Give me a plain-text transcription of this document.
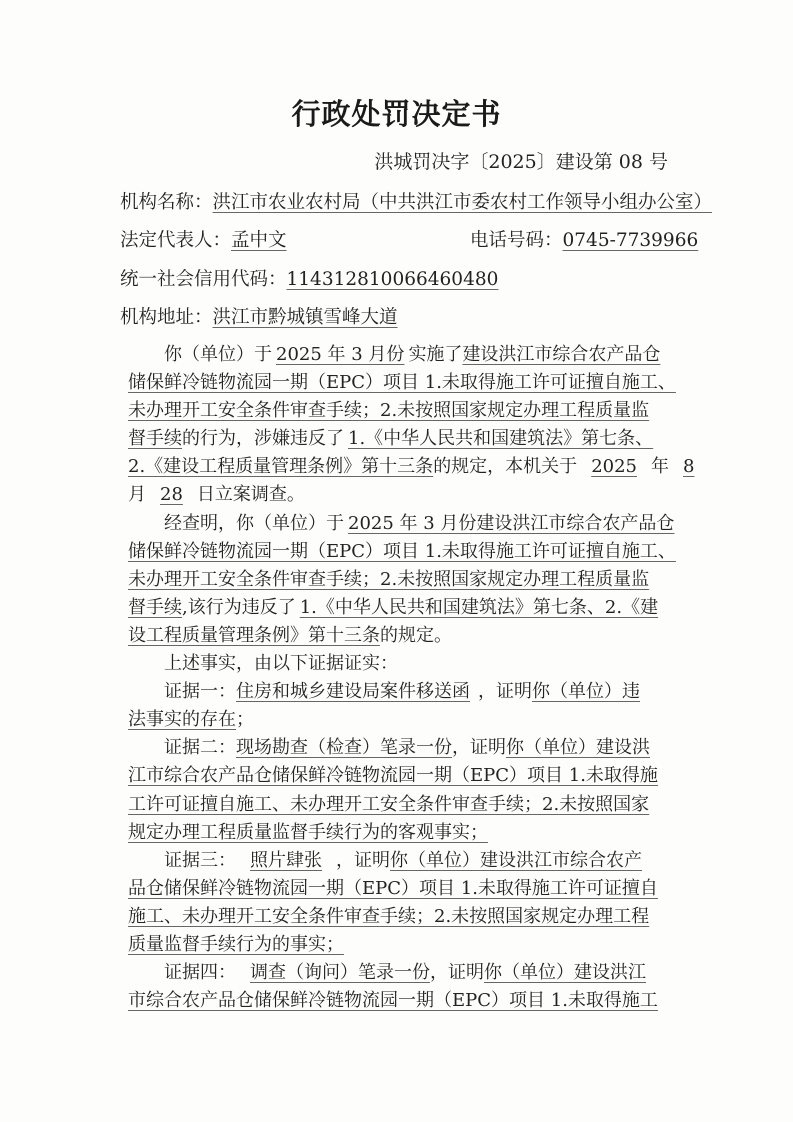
行政处罚决定书
洪城罚决字〔2025〕建设第 08 号
机构名称：洪江市农业农村局（中共洪江市委农村工作领导小组办公室）
法定代表人：孟中文	电话号码：0745-7739966
统一社会信用代码：114312810066460480
机构地址：洪江市黔城镇雪峰大道
你（单位）于 2025 年 3 月份 实施了建设洪江市综合农产品仓
储保鲜冷链物流园一期（EPC）项目 1.未取得施工许可证擅自施工、
未办理开工安全条件审查手续；2.未按照国家规定办理工程质量监
督手续的行为，涉嫌违反了 1.《中华人民共和国建筑法》第七条、
2.《建设工程质量管理条例》第十三条的规定，本机关于 2025 年 8
月 28 日立案调查。
经查明，你（单位）于 2025 年 3 月份建设洪江市综合农产品仓
储保鲜冷链物流园一期（EPC）项目 1.未取得施工许可证擅自施工、
未办理开工安全条件审查手续；2.未按照国家规定办理工程质量监
督手续,该行为违反了 1.《中华人民共和国建筑法》第七条、2.《建
设工程质量管理条例》第十三条的规定。
上述事实，由以下证据证实：
证据一：住房和城乡建设局案件移送函 ，证明你（单位）违
法事实的存在；
证据二：现场勘查（检查）笔录一份，证明你（单位）建设洪
江市综合农产品仓储保鲜冷链物流园一期（EPC）项目 1.未取得施
工许可证擅自施工、未办理开工安全条件审查手续；2.未按照国家
规定办理工程质量监督手续行为的客观事实；
证据三： 照片肆张 ，证明你（单位）建设洪江市综合农产
品仓储保鲜冷链物流园一期（EPC）项目 1.未取得施工许可证擅自
施工、未办理开工安全条件审查手续；2.未按照国家规定办理工程
质量监督手续行为的事实；
证据四： 调查（询问）笔录一份，证明你（单位）建设洪江
市综合农产品仓储保鲜冷链物流园一期（EPC）项目 1.未取得施工
